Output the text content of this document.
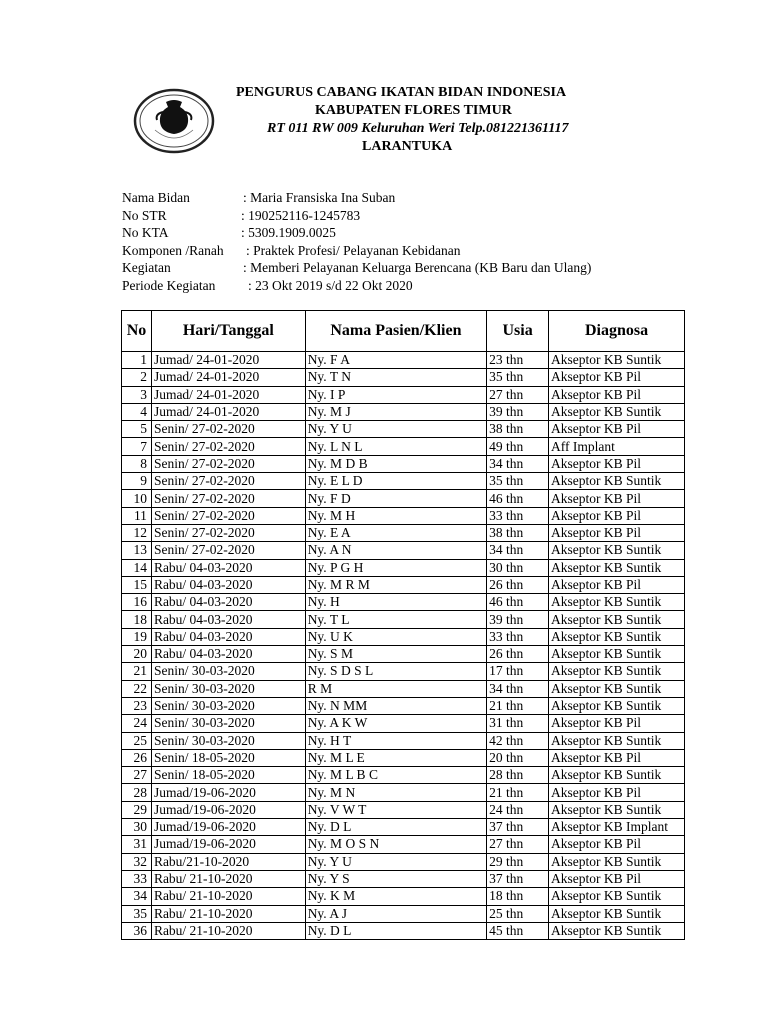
PENGURUS CABANG IKATAN BIDAN INDONESIA
KABUPATEN FLORES TIMUR
RT 011 RW 009 Keluruhan Weri Telp.081221361117
LARANTUKA
Nama Bidan	: Maria Fransiska Ina Suban
No STR	: 190252116-1245783
No KTA	: 5309.1909.0025
Komponen /Ranah : Praktek Profesi/ Pelayanan Kebidanan
Kegiatan	: Memberi Pelayanan Keluarga Berencana (KB Baru dan Ulang)
Periode Kegiatan : 23 Okt 2019 s/d 22 Okt 2020
No	Hari/Tanggal	Nama Pasien/Klien	Usia	Diagnosa
1	Jumad/ 24-01-2020	Ny. F A	23 thn	Akseptor KB Suntik
2	Jumad/ 24-01-2020	Ny. T N	35 thn	Akseptor KB Pil
3	Jumad/ 24-01-2020	Ny. I P	27 thn	Akseptor KB Pil
4	Jumad/ 24-01-2020	Ny. M J	39 thn	Akseptor KB Suntik
5	Senin/ 27-02-2020	Ny. Y U	38 thn	Akseptor KB Pil
7	Senin/ 27-02-2020	Ny. L N L	49 thn	Aff Implant
8	Senin/ 27-02-2020	Ny. M D B	34 thn	Akseptor KB Pil
9	Senin/ 27-02-2020	Ny. E L D	35 thn	Akseptor KB Suntik
10	Senin/ 27-02-2020	Ny. F D	46 thn	Akseptor KB Pil
11	Senin/ 27-02-2020	Ny. M H	33 thn	Akseptor KB Pil
12	Senin/ 27-02-2020	Ny. E A	38 thn	Akseptor KB Pil
13	Senin/ 27-02-2020	Ny. A N	34 thn	Akseptor KB Suntik
14	Rabu/ 04-03-2020	Ny. P G H	30 thn	Akseptor KB Suntik
15	Rabu/ 04-03-2020	Ny. M R M	26 thn	Akseptor KB Pil
16	Rabu/ 04-03-2020	Ny. H	46 thn	Akseptor KB Suntik
18	Rabu/ 04-03-2020	Ny. T L	39 thn	Akseptor KB Suntik
19	Rabu/ 04-03-2020	Ny. U K	33 thn	Akseptor KB Suntik
20	Rabu/ 04-03-2020	Ny. S M	26 thn	Akseptor KB Suntik
21	Senin/ 30-03-2020	Ny. S D S L	17 thn	Akseptor KB Suntik
22	Senin/ 30-03-2020	R M	34 thn	Akseptor KB Suntik
23	Senin/ 30-03-2020	Ny. N MM	21 thn	Akseptor KB Suntik
24	Senin/ 30-03-2020	Ny. A K W	31 thn	Akseptor KB Pil
25	Senin/ 30-03-2020	Ny. H T	42 thn	Akseptor KB Suntik
26	Senin/ 18-05-2020	Ny. M L E	20 thn	Akseptor KB Pil
27	Senin/ 18-05-2020	Ny. M L B C	28 thn	Akseptor KB Suntik
28	Jumad/19-06-2020	Ny. M N	21 thn	Akseptor KB Pil
29	Jumad/19-06-2020	Ny. V W T	24 thn	Akseptor KB Suntik
30	Jumad/19-06-2020	Ny. D L	37 thn	Akseptor KB Implant
31	Jumad/19-06-2020	Ny. M O S N	27 thn	Akseptor KB Pil
32	Rabu/21-10-2020	Ny. Y U	29 thn	Akseptor KB Suntik
33	Rabu/ 21-10-2020	Ny. Y S	37 thn	Akseptor KB Pil
34	Rabu/ 21-10-2020	Ny. K M	18 thn	Akseptor KB Suntik
35	Rabu/ 21-10-2020	Ny. A J	25 thn	Akseptor KB Suntik
36	Rabu/ 21-10-2020	Ny. D L	45 thn	Akseptor KB Suntik
